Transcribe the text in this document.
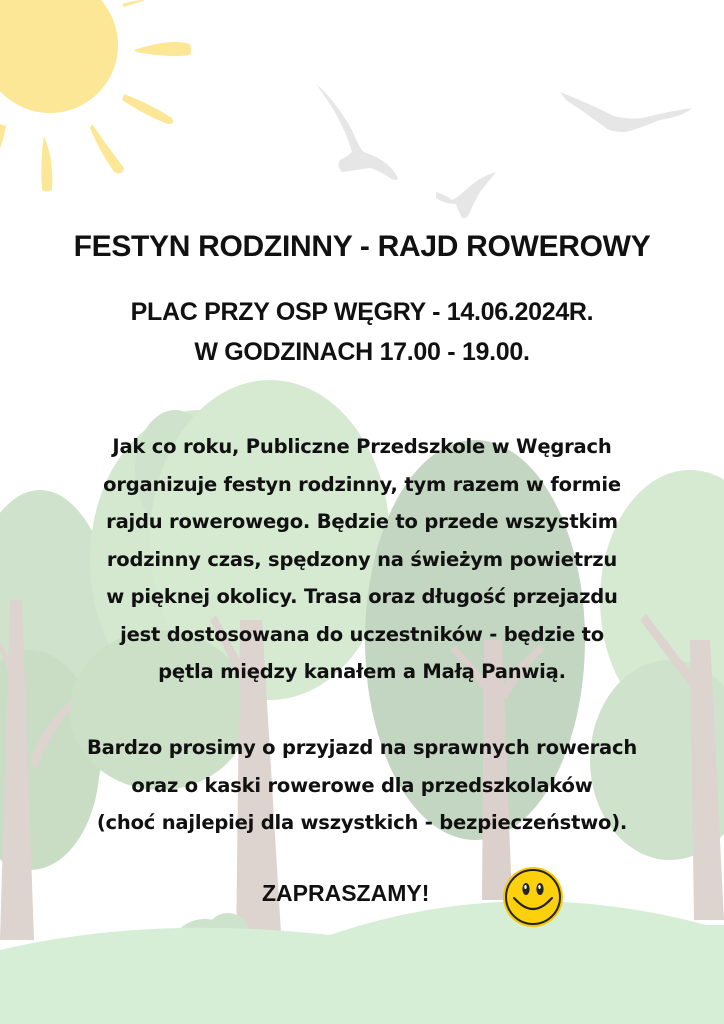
FESTYN RODZINNY - RAJD ROWEROWY
PLAC PRZY OSP WĘGRY - 14.06.2024R.
W GODZINACH 17.00 - 19.00.
Jak co roku, Publiczne Przedszkole w Węgrach
organizuje festyn rodzinny, tym razem w formie
rajdu rowerowego. Będzie to przede wszystkim
rodzinny czas, spędzony na świeżym powietrzu
w pięknej okolicy. Trasa oraz długość przejazdu
jest dostosowana do uczestników - będzie to
pętla między kanałem a Małą Panwią.
Bardzo prosimy o przyjazd na sprawnych rowerach
oraz o kaski rowerowe dla przedszkolaków
(choć najlepiej dla wszystkich - bezpieczeństwo).
ZAPRASZAMY!
